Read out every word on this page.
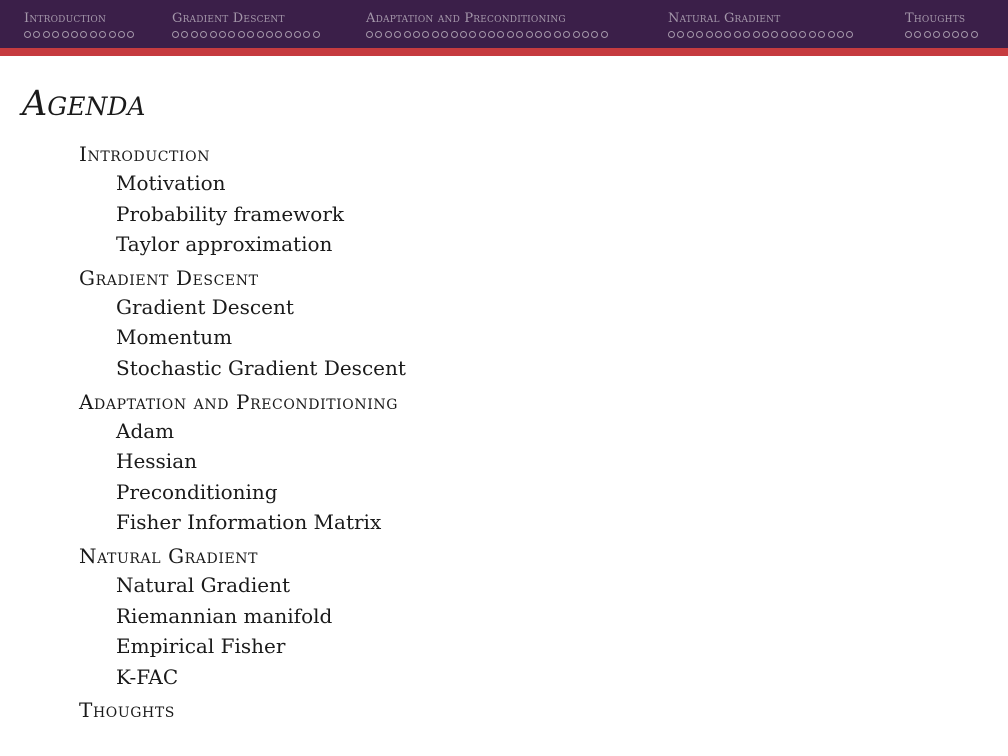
Introduction	Gradient Descent	Adaptation and Preconditioning	Natural Gradient	Thoughts
Agenda
Introduction
Motivation
Probability framework
Taylor approximation
Gradient Descent
Gradient Descent
Momentum
Stochastic Gradient Descent
Adaptation and Preconditioning
Adam
Hessian
Preconditioning
Fisher Information Matrix
Natural Gradient
Natural Gradient
Riemannian manifold
Empirical Fisher
K-FAC
Thoughts
